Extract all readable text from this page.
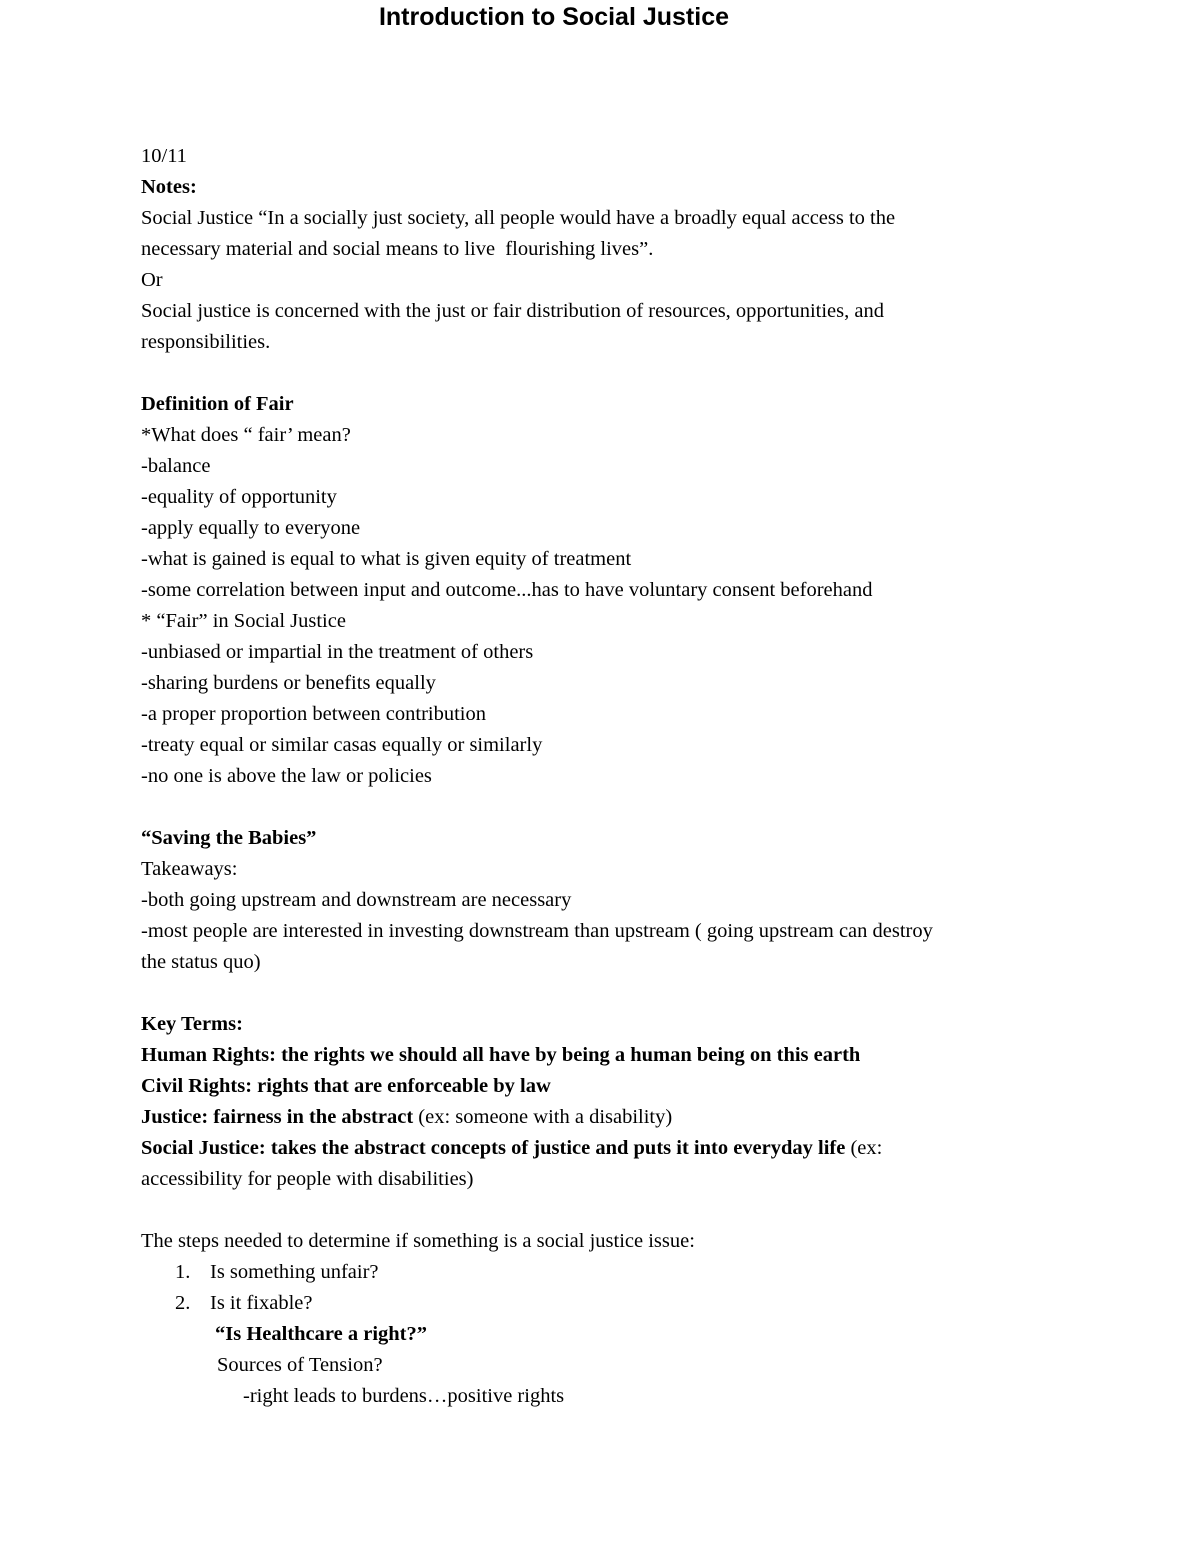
Introduction to Social Justice
10/11
Notes:
Social Justice “In a socially just society, all people would have a broadly equal access to the
necessary material and social means to live  flourishing lives”.
Or
Social justice is concerned with the just or fair distribution of resources, opportunities, and
responsibilities.
Definition of Fair
*What does “ fair’ mean?
-balance
-equality of opportunity
-apply equally to everyone
-what is gained is equal to what is given equity of treatment
-some correlation between input and outcome...has to have voluntary consent beforehand
* “Fair” in Social Justice
-unbiased or impartial in the treatment of others
-sharing burdens or benefits equally
-a proper proportion between contribution
-treaty equal or similar casas equally or similarly
-no one is above the law or policies
“Saving the Babies”
Takeaways:
-both going upstream and downstream are necessary
-most people are interested in investing downstream than upstream ( going upstream can destroy
the status quo)
Key Terms:
Human Rights: the rights we should all have by being a human being on this earth
Civil Rights: rights that are enforceable by law
Justice: fairness in the abstract (ex: someone with a disability)
Social Justice: takes the abstract concepts of justice and puts it into everyday life (ex:
accessibility for people with disabilities)
The steps needed to determine if something is a social justice issue:
1. Is something unfair?
2. Is it fixable?
“Is Healthcare a right?”
Sources of Tension?
-right leads to burdens…positive rights
